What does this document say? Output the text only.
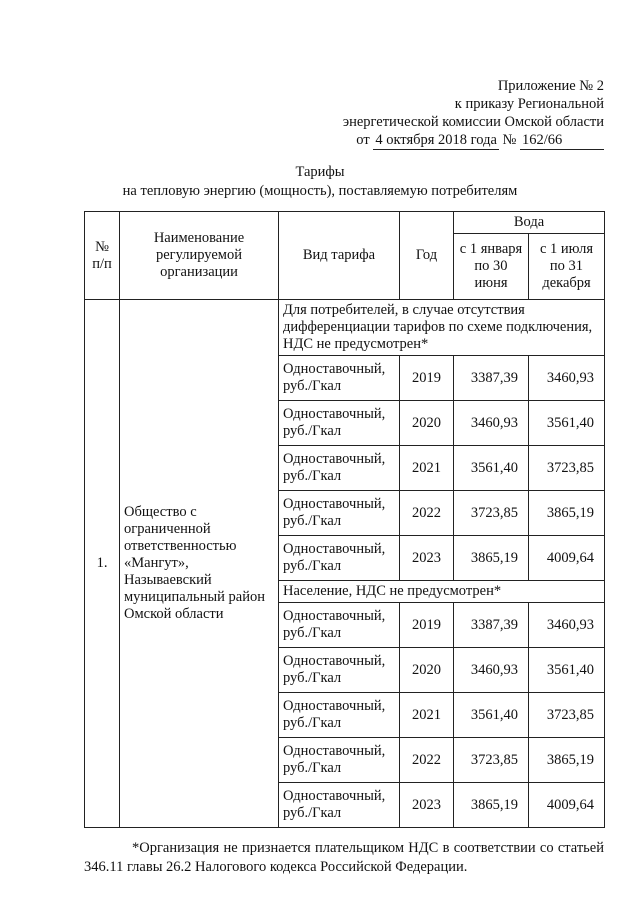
Приложение № 2
к приказу Региональной
энергетической комиссии Омской области
от 4 октября 2018 года № 162/66
Тарифы
на тепловую энергию (мощность), поставляемую потребителям
№ п/п	Наименование регулируемой организации	Вид тарифа	Год	Вода	
				с 1 января по 30 июня	с 1 июля по 31 декабря
1.	Общество с ограниченной ответственностью «Мангут», Называевский муниципальный район Омской области	Для потребителей, в случае отсутствия дифференциации тарифов по схеме подключения, НДС не предусмотрен*			
		Одноставочный, руб./Гкал	2019	3387,39	3460,93
		Одноставочный, руб./Гкал	2020	3460,93	3561,40
		Одноставочный, руб./Гкал	2021	3561,40	3723,85
		Одноставочный, руб./Гкал	2022	3723,85	3865,19
		Одноставочный, руб./Гкал	2023	3865,19	4009,64
		Население, НДС не предусмотрен*			
		Одноставочный, руб./Гкал	2019	3387,39	3460,93
		Одноставочный, руб./Гкал	2020	3460,93	3561,40
		Одноставочный, руб./Гкал	2021	3561,40	3723,85
		Одноставочный, руб./Гкал	2022	3723,85	3865,19
		Одноставочный, руб./Гкал	2023	3865,19	4009,64

*Организация не признается плательщиком НДС в соответствии со статьей 346.11 главы 26.2 Налогового кодекса Российской Федерации.
